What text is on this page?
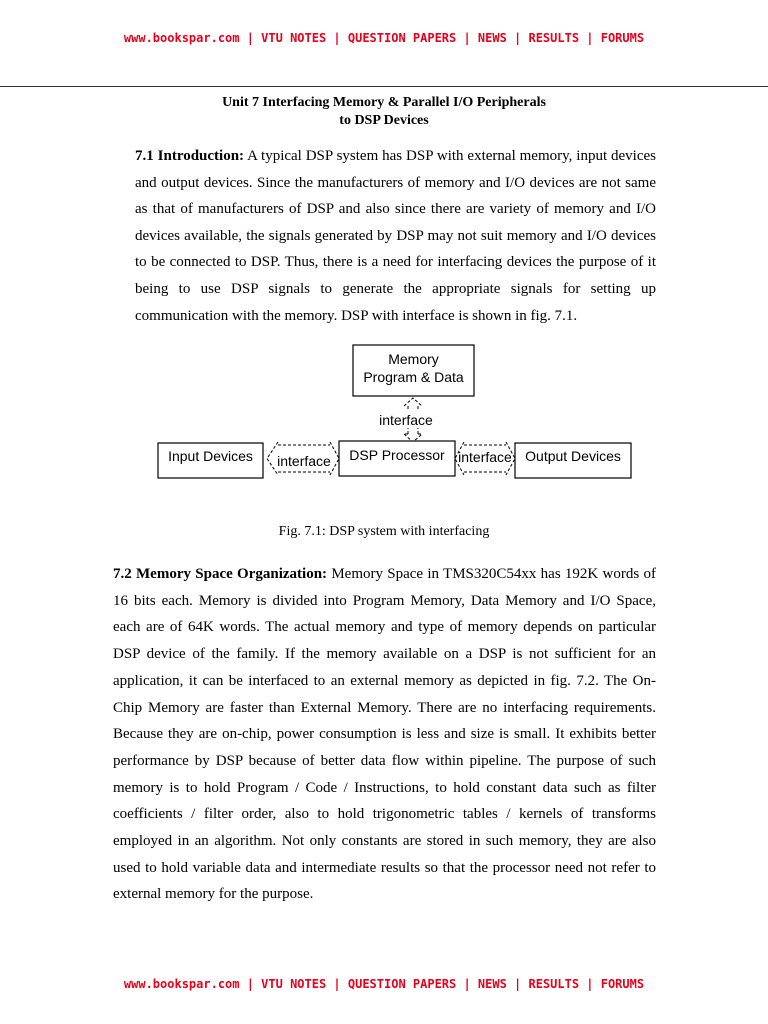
www.bookspar.com | VTU NOTES | QUESTION PAPERS | NEWS | RESULTS | FORUMS
Unit 7 Interfacing Memory & Parallel I/O Peripherals
to DSP Devices

7.1 Introduction: A typical DSP system has DSP with external memory, input devices and output devices. Since the manufacturers of memory and I/O devices are not same as that of manufacturers of DSP and also since there are variety of memory and I/O devices available, the signals generated by DSP may not suit memory and I/O devices to be connected to DSP. Thus, there is a need for interfacing devices the purpose of it being to use DSP signals to generate the appropriate signals for setting up communication with the memory. DSP with interface is shown in fig. 7.1.

Memory
Program & Data
interface
Input Devices interface DSP Processor interface Output Devices
Fig. 7.1: DSP system with interfacing

7.2 Memory Space Organization: Memory Space in TMS320C54xx has 192K words of 16 bits each. Memory is divided into Program Memory, Data Memory and I/O Space, each are of 64K words. The actual memory and type of memory depends on particular DSP device of the family. If the memory available on a DSP is not sufficient for an application, it can be interfaced to an external memory as depicted in fig. 7.2. The On-Chip Memory are faster than External Memory. There are no interfacing requirements. Because they are on-chip, power consumption is less and size is small. It exhibits better performance by DSP because of better data flow within pipeline. The purpose of such memory is to hold Program / Code / Instructions, to hold constant data such as filter coefficients / filter order, also to hold trigonometric tables / kernels of transforms employed in an algorithm. Not only constants are stored in such memory, they are also used to hold variable data and intermediate results so that the processor need not refer to external memory for the purpose.

www.bookspar.com | VTU NOTES | QUESTION PAPERS | NEWS | RESULTS | FORUMS
